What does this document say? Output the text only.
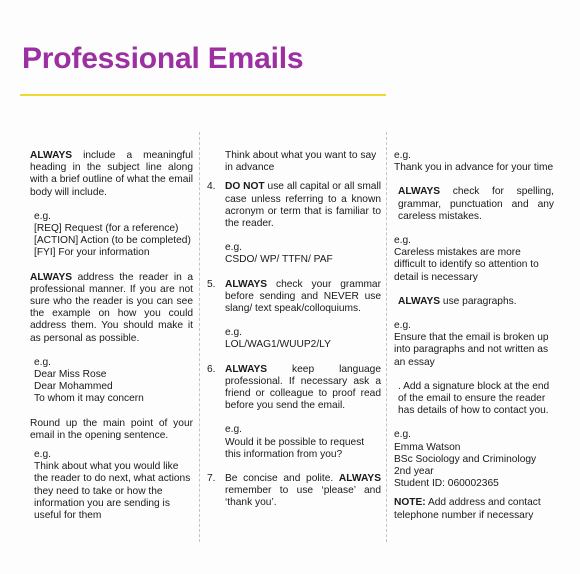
Professional Emails

ALWAYS include a meaningful heading in the subject line along with a brief outline of what the email body will include.

e.g.

[REQ] Request (for a reference)

[ACTION] Action (to be completed)

[FYI] For your information

ALWAYS address the reader in a professional manner. If you are not sure who the reader is you can see the example on how you could address them. You should make it as personal as possible.

e.g.

Dear Miss Rose

Dear Mohammed

To whom it may concern

Round up the main point of your email in the opening sentence.

e.g.

Think about what you would like the reader to do next, what actions they need to take or how the information you are sending is useful for them

Think about what you want to say in advance

4. DO NOT use all capital or all small case unless referring to a known acronym or term that is familiar to the reader.

e.g.

CSDO/ WP/ TTFN/ PAF

5. ALWAYS check your grammar before sending and NEVER use slang/ text speak/colloquiums.

e.g.

LOL/WAG1/WUUP2/LY

6. ALWAYS keep language professional. If necessary ask a friend or colleague to proof read before you send the email.

e.g.

Would it be possible to request this information from you?

7. Be concise and polite. ALWAYS remember to use ‘please’ and ‘thank you’.

e.g.

Thank you in advance for your time

ALWAYS check for spelling, grammar, punctuation and any careless mistakes.

e.g.

Careless mistakes are more difficult to identify so attention to detail is necessary

ALWAYS use paragraphs.

e.g.

Ensure that the email is broken up into paragraphs and not written as an essay

. Add a signature block at the end of the email to ensure the reader has details of how to contact you.

e.g.

Emma Watson

BSc Sociology and Criminology

2nd year

Student ID: 060002365

NOTE: Add address and contact telephone number if necessary
